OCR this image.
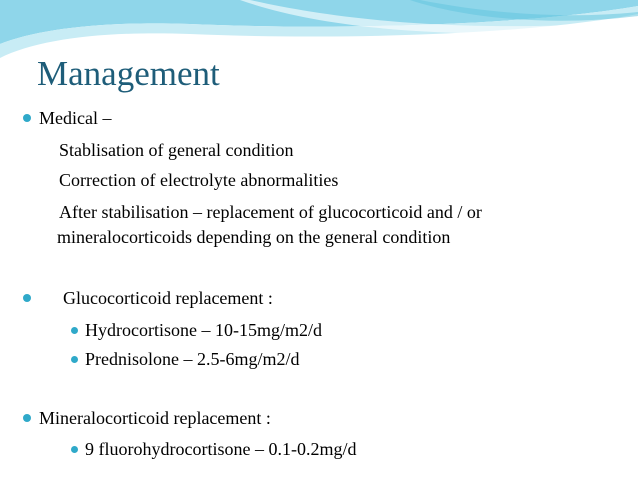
Management
Medical –
Stablisation of general condition
Correction of electrolyte abnormalities
After stabilisation – replacement of glucocorticoid and / or
mineralocorticoids depending on the general condition
Glucocorticoid replacement :
Hydrocortisone – 10-15mg/m2/d
Prednisolone – 2.5-6mg/m2/d
Mineralocorticoid replacement :
9 fluorohydrocortisone – 0.1-0.2mg/d
